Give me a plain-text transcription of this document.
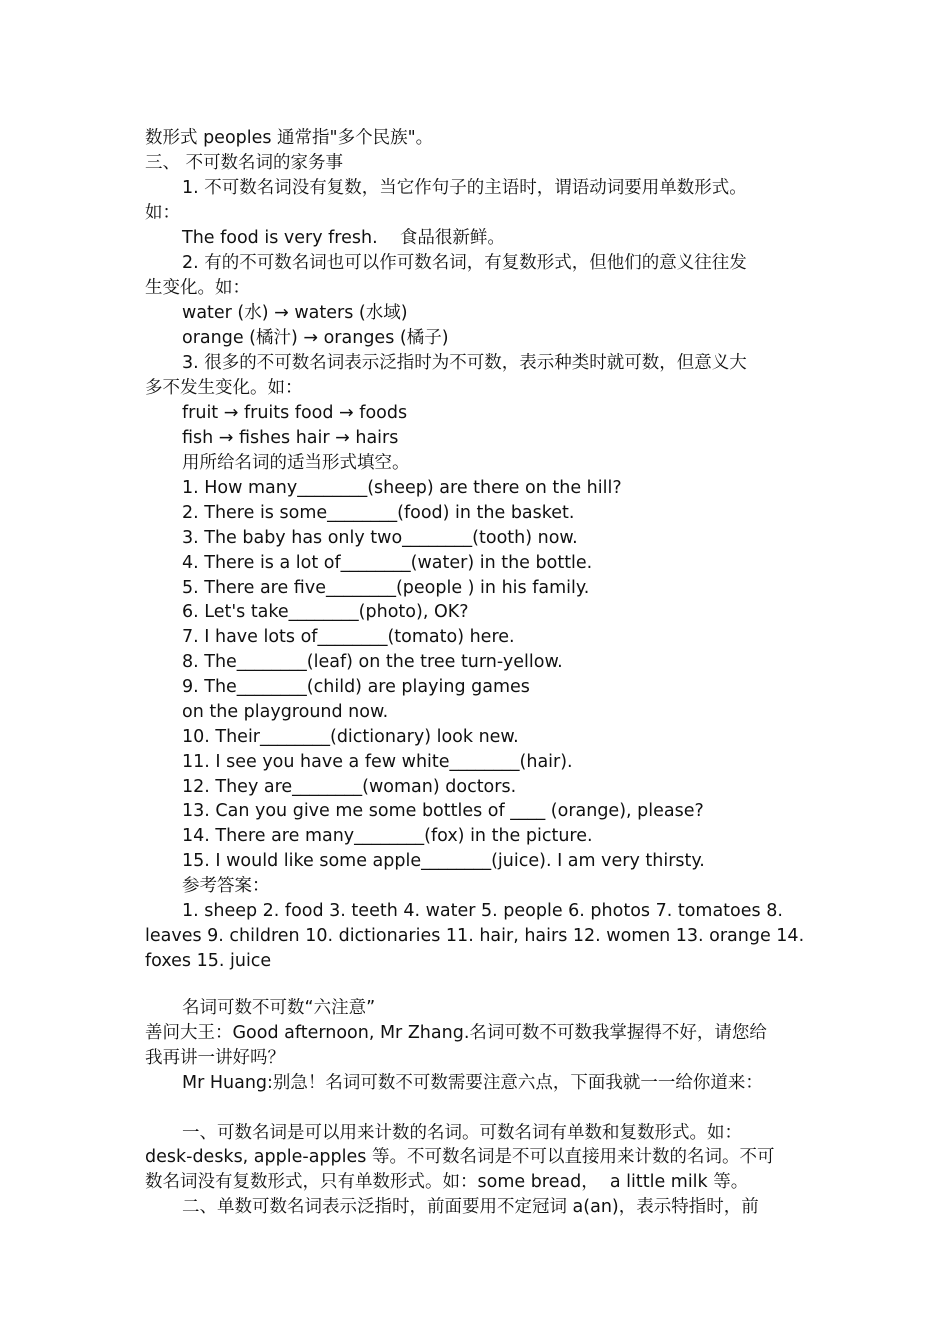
数形式 peoples 通常指"多个民族"。
三、 不可数名词的家务事
1. 不可数名词没有复数，当它作句子的主语时，谓语动词要用单数形式。
如：
The food is very fresh.    食品很新鲜。
2. 有的不可数名词也可以作可数名词，有复数形式，但他们的意义往往发
生变化。如：
water (水) → waters (水域)
orange (橘汁) → oranges (橘子)
3. 很多的不可数名词表示泛指时为不可数，表示种类时就可数，但意义大
多不发生变化。如：
fruit → fruits food → foods
fish → fishes hair → hairs
用所给名词的适当形式填空。
1. How many________(sheep) are there on the hill?
2. There is some________(food) in the basket.
3. The baby has only two________(tooth) now.
4. There is a lot of________(water) in the bottle.
5. There are five________(people ) in his family.
6. Let's take________(photo), OK?
7. I have lots of________(tomato) here.
8. The________(leaf) on the tree turn-yellow.
9. The________(child) are playing games
on the playground now.
10. Their________(dictionary) look new.
11. I see you have a few white________(hair).
12. They are________(woman) doctors.
13. Can you give me some bottles of ____ (orange), please?
14. There are many________(fox) in the picture.
15. I would like some apple________(juice). I am very thirsty.
参考答案：
1. sheep 2. food 3. teeth 4. water 5. people 6. photos 7. tomatoes 8.
leaves 9. children 10. dictionaries 11. hair, hairs 12. women 13. orange 14.
foxes 15. juice
名词可数不可数“六注意”
善问大王：Good afternoon, Mr Zhang.名词可数不可数我掌握得不好，请您给
我再讲一讲好吗？
Mr Huang:别急！名词可数不可数需要注意六点，下面我就一一给你道来：
一、可数名词是可以用来计数的名词。可数名词有单数和复数形式。如：
desk-desks, apple-apples 等。不可数名词是不可以直接用来计数的名词。不可
数名词没有复数形式，只有单数形式。如：some bread，  a little milk 等。
二、单数可数名词表示泛指时，前面要用不定冠词 a(an)，表示特指时，前
